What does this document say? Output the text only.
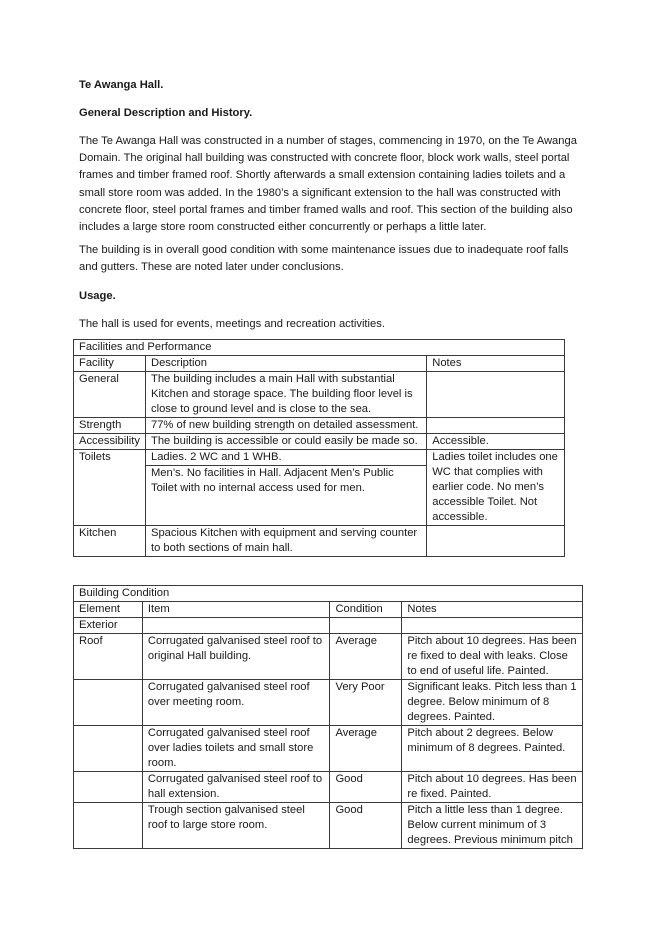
Te Awanga Hall.

General Description and History.

The Te Awanga Hall was constructed in a number of stages, commencing in 1970, on the Te Awanga Domain. The original hall building was constructed with concrete floor, block work walls, steel portal frames and timber framed roof. Shortly afterwards a small extension containing ladies toilets and a small store room was added. In the 1980’s a significant extension to the hall was constructed with concrete floor, steel portal frames and timber framed walls and roof. This section of the building also includes a large store room constructed either concurrently or perhaps a little later.

The building is in overall good condition with some maintenance issues due to inadequate roof falls and gutters. These are noted later under conclusions.

Usage.

The hall is used for events, meetings and recreation activities.

Facilities and Performance		
Facility	Description	Notes
General	The building includes a main Hall with substantial Kitchen and storage space. The building floor level is close to ground level and is close to the sea.	
Strength	77% of new building strength on detailed assessment.	
Accessibility	The building is accessible or could easily be made so.	Accessible.
Toilets	Ladies. 2 WC and 1 WHB.	Ladies toilet includes one WC that complies with earlier code. No men’s accessible Toilet. Not accessible.
	Men’s. No facilities in Hall. Adjacent Men’s Public Toilet with no internal access used for men.	
Kitchen	Spacious Kitchen with equipment and serving counter to both sections of main hall.	
Building Condition			
Element	Item	Condition	Notes
Exterior			
Roof	Corrugated galvanised steel roof to original Hall building.	Average	Pitch about 10 degrees. Has been re fixed to deal with leaks. Close to end of useful life. Painted.
	Corrugated galvanised steel roof over meeting room.	Very Poor	Significant leaks. Pitch less than 1 degree. Below minimum of 8 degrees. Painted.
	Corrugated galvanised steel roof over ladies toilets and small store room.	Average	Pitch about 2 degrees. Below minimum of 8 degrees. Painted.
	Corrugated galvanised steel roof to hall extension.	Good	Pitch about 10 degrees. Has been re fixed. Painted.
	Trough section galvanised steel roof to large store room.	Good	Pitch a little less than 1 degree. Below current minimum of 3 degrees. Previous minimum pitch
